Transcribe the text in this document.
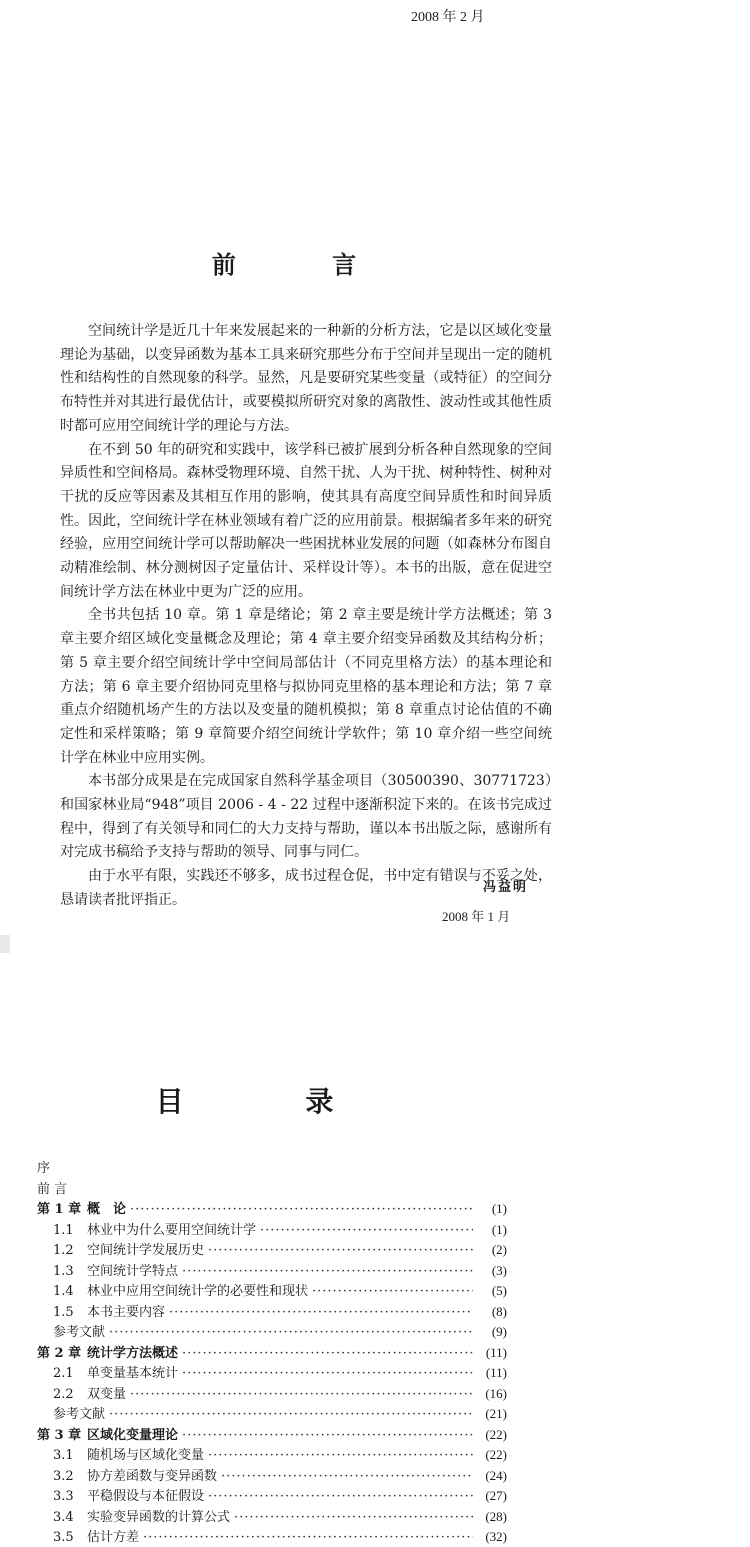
2008 年 2 月
前 言

空间统计学是近几十年来发展起来的一种新的分析方法，它是以区域化变量理论为基础，以变异函数为基本工具来研究那些分布于空间并呈现出一定的随机性和结构性的自然现象的科学。显然，凡是要研究某些变量（或特征）的空间分布特性并对其进行最优估计，或要模拟所研究对象的离散性、波动性或其他性质时都可应用空间统计学的理论与方法。

在不到 50 年的研究和实践中，该学科已被扩展到分析各种自然现象的空间异质性和空间格局。森林受物理环境、自然干扰、人为干扰、树种特性、树种对干扰的反应等因素及其相互作用的影响，使其具有高度空间异质性和时间异质性。因此，空间统计学在林业领域有着广泛的应用前景。根据编者多年来的研究经验，应用空间统计学可以帮助解决一些困扰林业发展的问题（如森林分布图自动精准绘制、林分测树因子定量估计、采样设计等）。本书的出版，意在促进空间统计学方法在林业中更为广泛的应用。

全书共包括 10 章。第 1 章是绪论；第 2 章主要是统计学方法概述；第 3 章主要介绍区域化变量概念及理论；第 4 章主要介绍变异函数及其结构分析；第 5 章主要介绍空间统计学中空间局部估计（不同克里格方法）的基本理论和方法；第 6 章主要介绍协同克里格与拟协同克里格的基本理论和方法；第 7 章重点介绍随机场产生的方法以及变量的随机模拟；第 8 章重点讨论估值的不确定性和采样策略；第 9 章简要介绍空间统计学软件；第 10 章介绍一些空间统计学在林业中应用实例。

本书部分成果是在完成国家自然科学基金项目（30500390、30771723）和国家林业局“948”项目 2006 - 4 - 22 过程中逐渐积淀下来的。在该书完成过程中，得到了有关领导和同仁的大力支持与帮助，谨以本书出版之际，感谢所有对完成书稿给予支持与帮助的领导、同事与同仁。

由于水平有限，实践还不够多，成书过程仓促，书中定有错误与不妥之处，恳请读者批评指正。

冯益明
2008 年 1 月
目 录
序
前 言
第 1 章 概　论 ·····	(1)
1.1	林业中为什么要用空间统计学 ·····	(1)
1.2	空间统计学发展历史 ·····	(2)
1.3	空间统计学特点 ·····	(3)
1.4	林业中应用空间统计学的必要性和现状 ·····	(5)
1.5	本书主要内容 ·····	(8)
参考文献 ·····	(9)
第 2 章 统计学方法概述 ·····	(11)
2.1	单变量基本统计 ·····	(11)
2.2	双变量 ·····	(16)
参考文献 ·····	(21)
第 3 章 区域化变量理论 ·····	(22)
3.1	随机场与区域化变量 ·····	(22)
3.2	协方差函数与变异函数 ·····	(24)
3.3	平稳假设与本征假设 ·····	(27)
3.4	实验变异函数的计算公式 ·····	(28)
3.5	估计方差 ·····	(32)
